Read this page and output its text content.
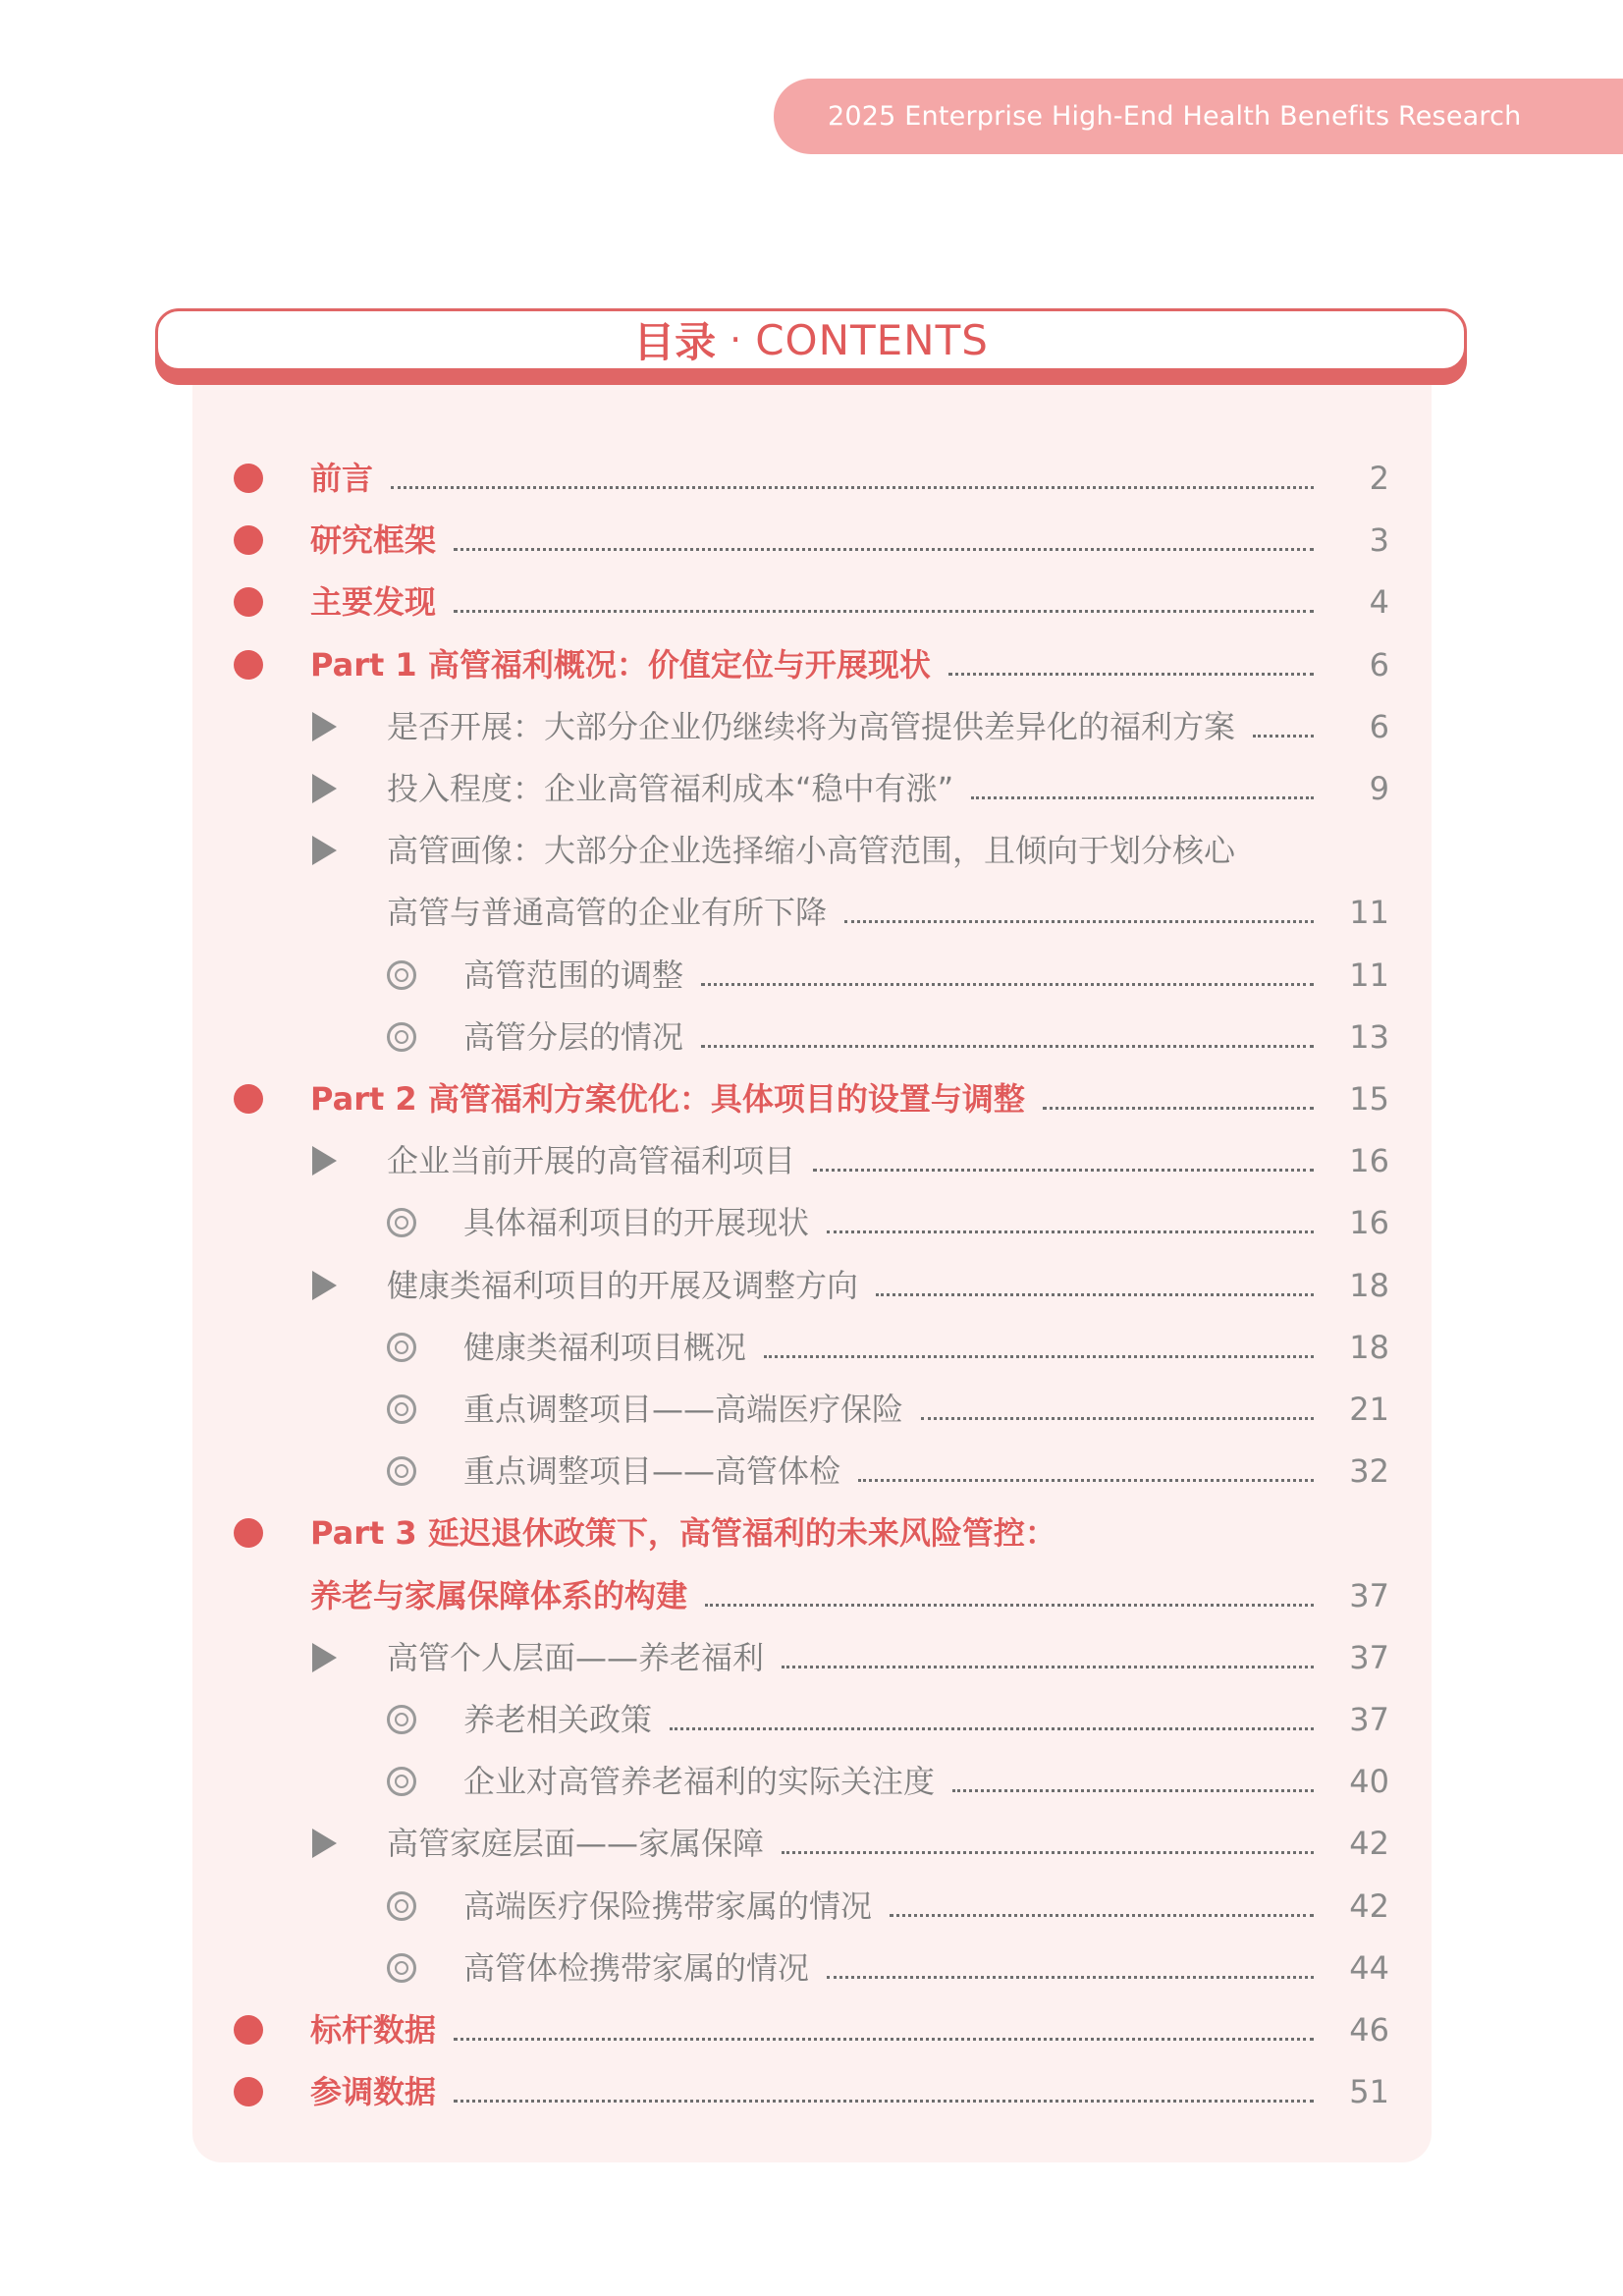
2025 Enterprise High-End Health Benefits Research
目录 · CONTENTS
前言	2
研究框架	3
主要发现	4
Part 1 高管福利概况：价值定位与开展现状	6
是否开展：大部分企业仍继续将为高管提供差异化的福利方案	6
投入程度：企业高管福利成本“稳中有涨”	9
高管画像：大部分企业选择缩小高管范围，且倾向于划分核心
高管与普通高管的企业有所下降	11
高管范围的调整	11
高管分层的情况	13
Part 2 高管福利方案优化：具体项目的设置与调整	15
企业当前开展的高管福利项目	16
具体福利项目的开展现状	16
健康类福利项目的开展及调整方向	18
健康类福利项目概况	18
重点调整项目——高端医疗保险	21
重点调整项目——高管体检	32
Part 3 延迟退休政策下，高管福利的未来风险管控：
养老与家属保障体系的构建	37
高管个人层面——养老福利	37
养老相关政策	37
企业对高管养老福利的实际关注度	40
高管家庭层面——家属保障	42
高端医疗保险携带家属的情况	42
高管体检携带家属的情况	44
标杆数据	46
参调数据	51
